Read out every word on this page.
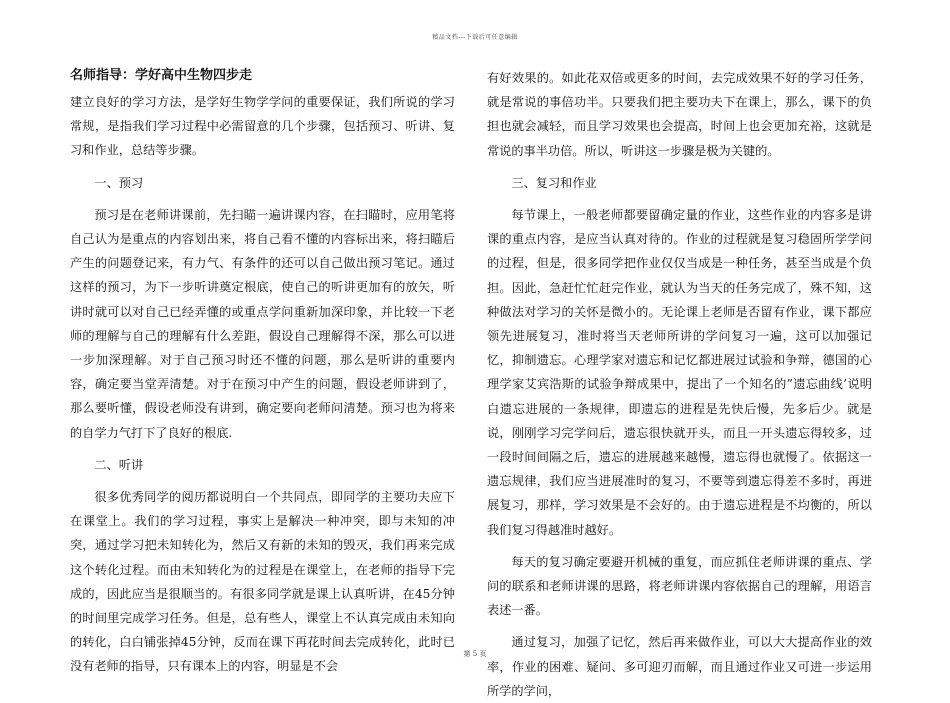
精品文档---下载后可任意编辑
名师指导：学好高中生物四步走

建立良好的学习方法，是学好生物学学问的重要保证，我们所说的学习常规，是指我们学习过程中必需留意的几个步骤，包括预习、听讲、复习和作业，总结等步骤。

一、预习

预习是在老师讲课前，先扫瞄一遍讲课内容，在扫瞄时，应用笔将自己认为是重点的内容划出来，将自己看不懂的内容标出来，将扫瞄后产生的问题登记来，有力气、有条件的还可以自己做出预习笔记。通过这样的预习，为下一步听讲奠定根底，使自己的听讲更加有的放矢，听讲时就可以对自己已经弄懂的或重点学问重新加深印象，并比较一下老师的理解与自己的理解有什么差距，假设自己理解得不深，那么可以进一步加深理解。对于自己预习时还不懂的问题，那么是听讲的重要内容，确定要当堂弄清楚。对于在预习中产生的问题，假设老师讲到了，那么要听懂，假设老师没有讲到，确定要向老师问清楚。预习也为将来的自学力气打下了良好的根底.

二、听讲

很多优秀同学的阅历都说明白一个共同点，即同学的主要功夫应下在课堂上。我们的学习过程，事实上是解决一种冲突，即与未知的冲突，通过学习把未知转化为，然后又有新的未知的毁灭，我们再来完成这个转化过程。而由未知转化为的过程是在课堂上，在老师的指导下完成的，因此应当是很顺当的。有很多同学就是课上认真听讲，在45分钟的时间里完成学习任务。但是，总有些人，课堂上不认真完成由未知向的转化，白白铺张掉45分钟，反而在课下再花时间去完成转化，此时已没有老师的指导，只有课本上的内容，明显是不会

有好效果的。如此花双倍或更多的时间，去完成效果不好的学习任务，就是常说的事倍功半。只要我们把主要功夫下在课上，那么，课下的负担也就会减轻，而且学习效果也会提高，时间上也会更加充裕，这就是常说的事半功倍。所以，听讲这一步骤是极为关键的。

三、复习和作业

每节课上，一般老师都要留确定量的作业，这些作业的内容多是讲课的重点内容，是应当认真对待的。作业的过程就是复习稳固所学学问的过程，但是，很多同学把作业仅仅当成是一种任务，甚至当成是个负担。因此，急赶忙忙赶完作业，就认为当天的任务完成了，殊不知，这种做法对学习的关怀是微小的。无论课上老师是否留有作业，课下都应领先进展复习，准时将当天老师所讲的学问复习一遍，这可以加强记忆，抑制遗忘。心理学家对遗忘和记忆都进展过试验和争辩，德国的心理学家艾宾浩斯的试验争辩成果中，提出了一个知名的”遗忘曲线’说明白遗忘进展的一条规律，即遗忘的进程是先快后慢，先多后少。就是说，刚刚学习完学问后，遗忘很快就开头，而且一开头遗忘得较多，过一段时间间隔之后，遗忘的进展越来越慢，遗忘得也就慢了。依据这一遗忘规律，我们应当进展准时的复习，不要等到遗忘得差不多时，再进展复习，那样，学习效果是不会好的。由于遗忘进程是不均衡的，所以我们复习得越准时越好。

每天的复习确定要避开机械的重复，而应抓住老师讲课的重点、学问的联系和老师讲课的思路，将老师讲课内容依据自己的理解，用语言表述一番。

通过复习，加强了记忆，然后再来做作业，可以大大提高作业的效率，作业的困难、疑问、多可迎刃而解，而且通过作业又可进一步运用所学的学问，

第 5 页
